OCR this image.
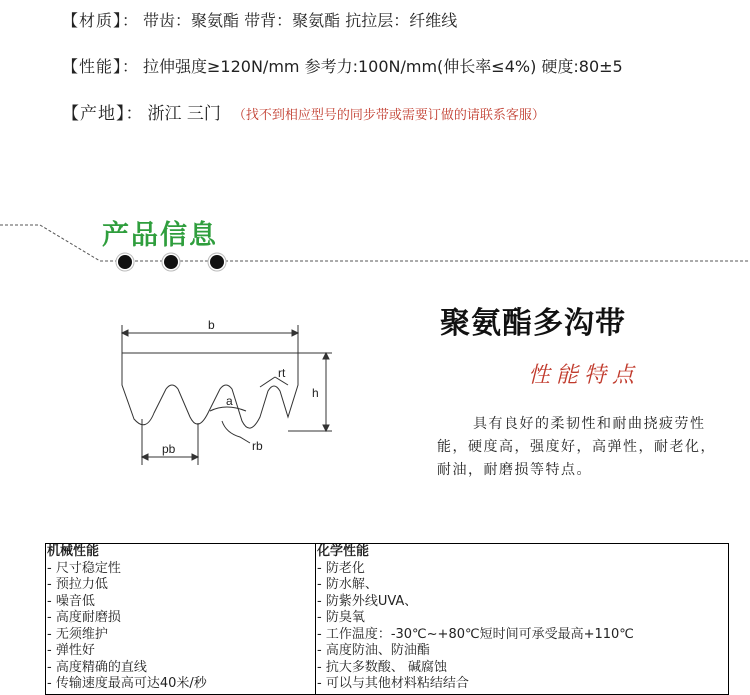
【材质】： 带齿：聚氨酯 带背：聚氨酯 抗拉层：纤维线
【性能】： 拉伸强度≥120N/mm 参考力:100N/mm(伸长率≤4%) 硬度:80±5
【产地】： 浙江 三门 （找不到相应型号的同步带或需要订做的请联系客服）
产品信息
b
rt
h
a
pb	rb
聚氨酯多沟带
性能特点
具有良好的柔韧性和耐曲挠疲劳性能，硬度高，强度好，高弹性，耐老化，耐油，耐磨损等特点。
机械性能
- 尺寸稳定性
- 预拉力低
- 噪音低
- 高度耐磨损
- 无须维护
- 弹性好
- 高度精确的直线
- 传输速度最高可达40米/秒
化学性能
- 防老化
- 防水解、
- 防紫外线UVA、
- 防臭氧
- 工作温度：-30℃~+80℃短时间可承受最高+110℃
- 高度防油、防油酯
- 抗大多数酸、 碱腐蚀
- 可以与其他材料粘结结合
